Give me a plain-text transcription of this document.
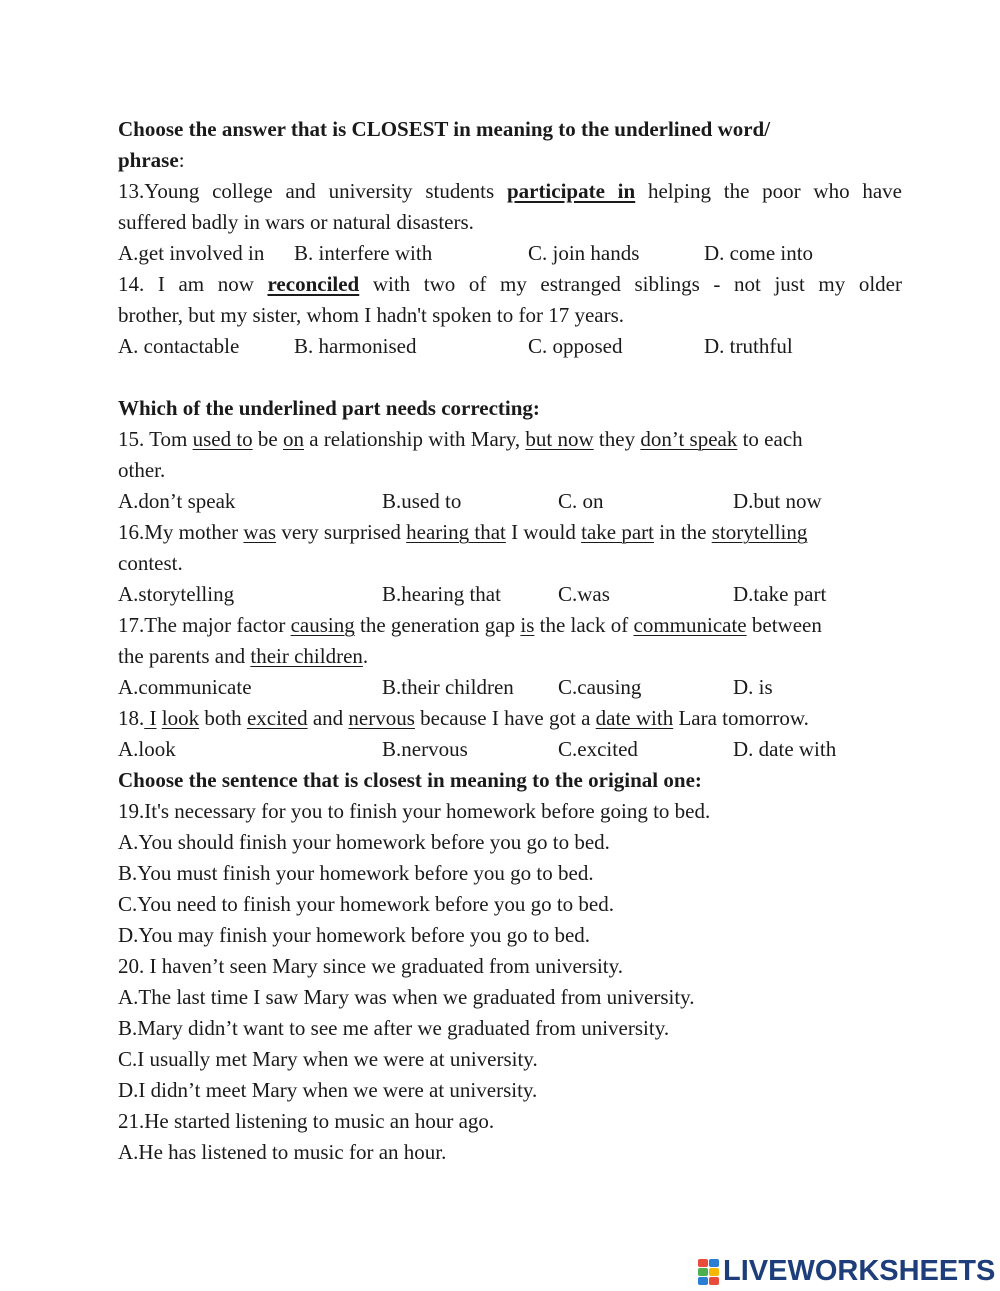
Choose the answer that is CLOSEST in meaning to the underlined word/
phrase:
13.Young college and university students participate in helping the poor who have
suffered badly in wars or natural disasters.
A.get involved in B. interfere with	C. join hands	D. come into
14. I am now reconciled with two of my estranged siblings - not just my older
brother, but my sister, whom I hadn't spoken to for 17 years.
A. contactable	B. harmonised	C. opposed	D. truthful
Which of the underlined part needs correcting:
15. Tom used to be on a relationship with Mary, but now they don’t speak to each
other.
A.don’t speak	B.used to	C. on	D.but now
16.My mother was very surprised hearing that I would take part in the storytelling
contest.
A.storytelling	B.hearing that	C.was	D.take part
17.The major factor causing the generation gap is the lack of communicate between
the parents and their children.
A.communicate	B.their children C.causing	D. is
18. I look both excited and nervous because I have got a date with Lara tomorrow.
A.look	B.nervous	C.excited	D. date with
Choose the sentence that is closest in meaning to the original one:
19.It's necessary for you to finish your homework before going to bed.
A.You should finish your homework before you go to bed.
B.You must finish your homework before you go to bed.
C.You need to finish your homework before you go to bed.
D.You may finish your homework before you go to bed.
20. I haven’t seen Mary since we graduated from university.
A.The last time I saw Mary was when we graduated from university.
B.Mary didn’t want to see me after we graduated from university.
C.I usually met Mary when we were at university.
D.I didn’t meet Mary when we were at university.
21.He started listening to music an hour ago.
A.He has listened to music for an hour.
LIVEWORKSHEETS
